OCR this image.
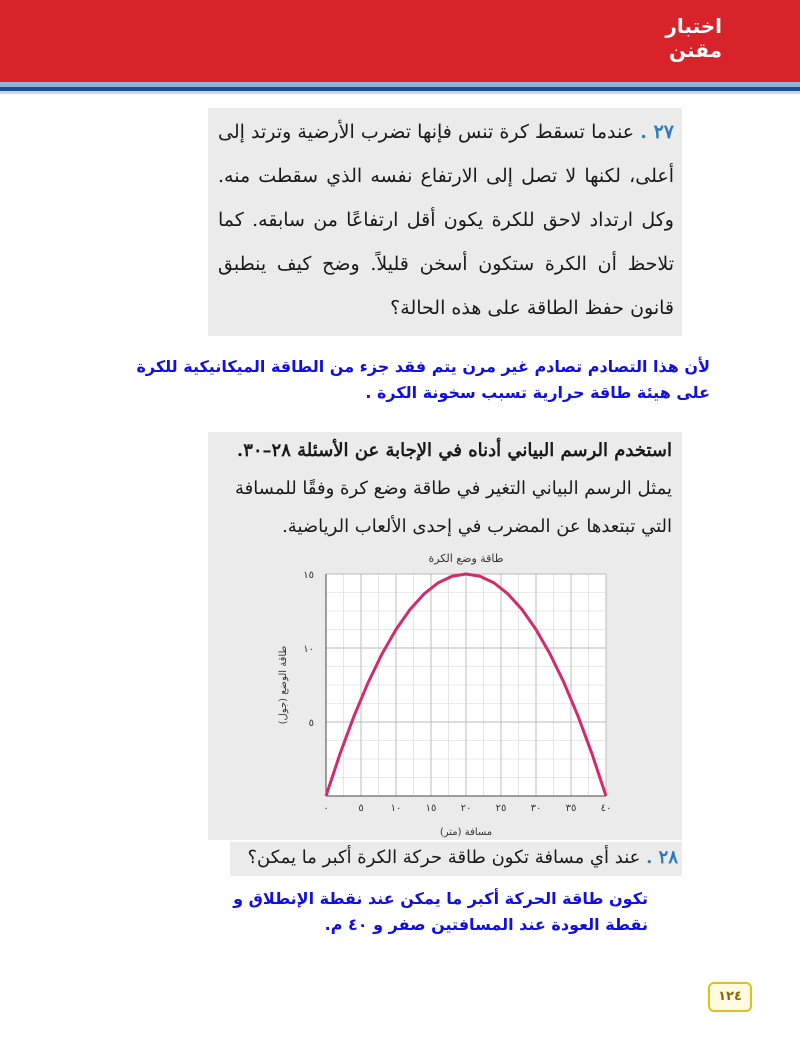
اختبار
مقنن
٢٧ . عندما تسقط كرة تنس فإنها تضرب الأرضية وترتد إلى أعلى، لكنها لا تصل إلى الارتفاع نفسه الذي سقطت منه. وكل ارتداد لاحق للكرة يكون أقل ارتفاعًا من سابقه. كما تلاحظ أن الكرة ستكون أسخن قليلاً. وضح كيف ينطبق قانون حفظ الطاقة على هذه الحالة؟
لأن هذا التصادم تصادم غير مرن يتم فقد جزء من الطاقة الميكانيكية للكرة على هيئة طاقة حرارية تسبب سخونة الكرة .
استخدم الرسم البياني أدناه في الإجابة عن الأسئلة ٢٨–٣٠.
يمثل الرسم البياني التغير في طاقة وضع كرة وفقًا للمسافة التي تبتعدها عن المضرب في إحدى الألعاب الرياضية.
٠	٥	١٠ ١٥ ٢٠ ٢٥ ٣٠ ٣٥ ٤٠
٥
١٠
١٥
طاقة وضع الكرة
مسافة (متر)
طاقة الوضع (جول)
٢٨ . عند أي مسافة تكون طاقة حركة الكرة أكبر ما يمكن؟
تكون طاقة الحركة أكبر ما يمكن عند نقطة الإنطلاق و نقطة العودة عند المسافتين صفر و ٤٠ م.
١٢٤
